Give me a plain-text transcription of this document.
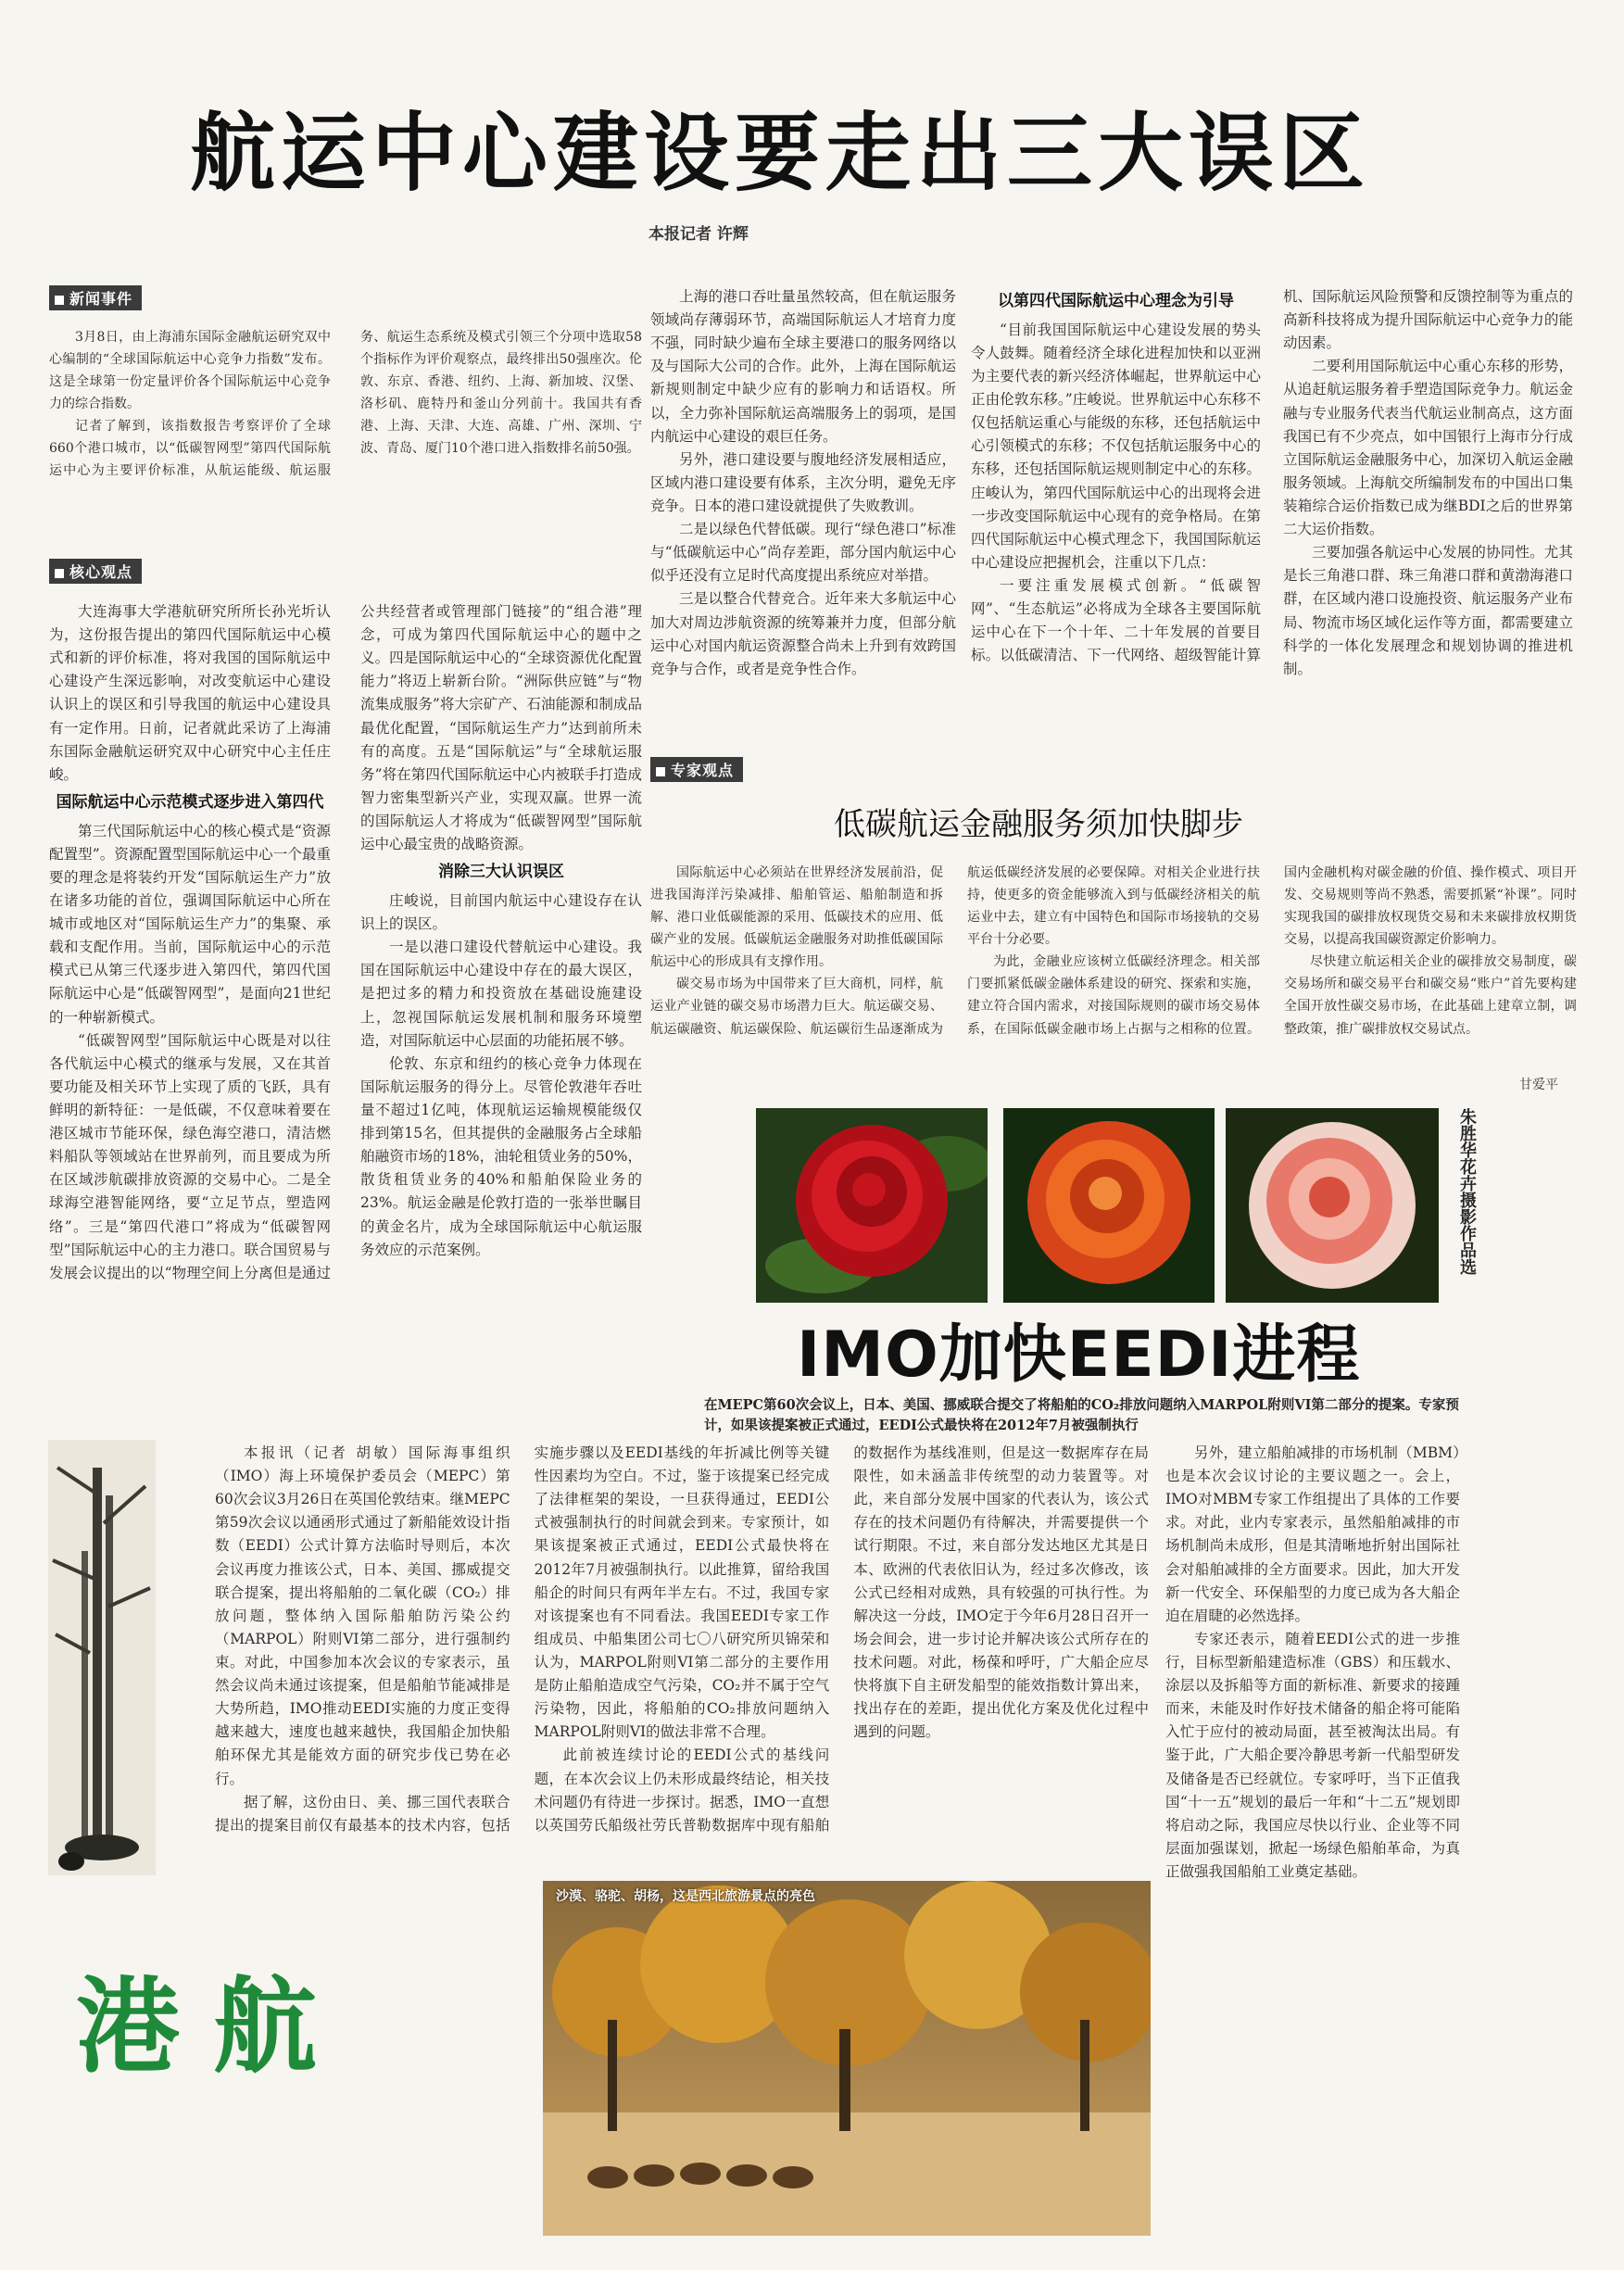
航运中心建设要走出三大误区
本报记者 许辉
新闻事件
核心观点
专家观点

3月8日，由上海浦东国际金融航运研究双中心编制的“全球国际航运中心竞争力指数”发布。这是全球第一份定量评价各个国际航运中心竞争力的综合指数。

记者了解到，该指数报告考察评价了全球660个港口城市，以“低碳智网型”第四代国际航运中心为主要评价标准，从航运能级、航运服务、航运生态系统及模式引领三个分项中选取58个指标作为评价观察点，最终排出50强座次。伦敦、东京、香港、纽约、上海、新加坡、汉堡、洛杉矶、鹿特丹和釜山分列前十。我国共有香港、上海、天津、大连、高雄、广州、深圳、宁波、青岛、厦门10个港口进入指数排名前50强。

大连海事大学港航研究所所长孙光圻认为，这份报告提出的第四代国际航运中心模式和新的评价标准，将对我国的国际航运中心建设产生深远影响，对改变航运中心建设认识上的误区和引导我国的航运中心建设具有一定作用。日前，记者就此采访了上海浦东国际金融航运研究双中心研究中心主任庄峻。

国际航运中心示范模式逐步进入第四代

第三代国际航运中心的核心模式是“资源配置型”。资源配置型国际航运中心一个最重要的理念是将装约开发“国际航运生产力”放在诸多功能的首位，强调国际航运中心所在城市或地区对“国际航运生产力”的集聚、承载和支配作用。当前，国际航运中心的示范模式已从第三代逐步进入第四代，第四代国际航运中心是“低碳智网型”，是面向21世纪的一种崭新模式。

“低碳智网型”国际航运中心既是对以往各代航运中心模式的继承与发展，又在其首要功能及相关环节上实现了质的飞跃，具有鲜明的新特征：一是低碳，不仅意味着要在港区城市节能环保，绿色海空港口，清洁燃料船队等领域站在世界前列，而且要成为所在区域涉航碳排放资源的交易中心。二是全球海空港智能网络，要“立足节点，塑造网络”。三是“第四代港口”将成为“低碳智网型”国际航运中心的主力港口。联合国贸易与发展会议提出的以“物理空间上分离但是通过公共经营者或管理部门链接”的“组合港”理念，可成为第四代国际航运中心的题中之义。四是国际航运中心的“全球资源优化配置能力”将迈上崭新台阶。“洲际供应链”与“物流集成服务”将大宗矿产、石油能源和制成品最优化配置，“国际航运生产力”达到前所未有的高度。五是“国际航运”与“全球航运服务”将在第四代国际航运中心内被联手打造成智力密集型新兴产业，实现双赢。世界一流的国际航运人才将成为“低碳智网型”国际航运中心最宝贵的战略资源。

消除三大认识误区

庄峻说，目前国内航运中心建设存在认识上的误区。

一是以港口建设代替航运中心建设。我国在国际航运中心建设中存在的最大误区，是把过多的精力和投资放在基础设施建设上，忽视国际航运发展机制和服务环境塑造，对国际航运中心层面的功能拓展不够。

伦敦、东京和纽约的核心竞争力体现在国际航运服务的得分上。尽管伦敦港年吞吐量不超过1亿吨，体现航运运输规模能级仅排到第15名，但其提供的金融服务占全球船舶融资市场的18%，油轮租赁业务的50%，散货租赁业务的40%和船舶保险业务的23%。航运金融是伦敦打造的一张举世瞩目的黄金名片，成为全球国际航运中心航运服务效应的示范案例。

上海的港口吞吐量虽然较高，但在航运服务领域尚存薄弱环节，高端国际航运人才培育力度不强，同时缺少遍布全球主要港口的服务网络以及与国际大公司的合作。此外，上海在国际航运新规则制定中缺少应有的影响力和话语权。所以，全力弥补国际航运高端服务上的弱项，是国内航运中心建设的艰巨任务。

另外，港口建设要与腹地经济发展相适应，区域内港口建设要有体系，主次分明，避免无序竞争。日本的港口建设就提供了失败教训。

二是以绿色代替低碳。现行“绿色港口”标准与“低碳航运中心”尚存差距，部分国内航运中心似乎还没有立足时代高度提出系统应对举措。

三是以整合代替竞合。近年来大多航运中心加大对周边涉航资源的统筹兼并力度，但部分航运中心对国内航运资源整合尚未上升到有效跨国竞争与合作，或者是竞争性合作。

以第四代国际航运中心理念为引导

“目前我国国际航运中心建设发展的势头令人鼓舞。随着经济全球化进程加快和以亚洲为主要代表的新兴经济体崛起，世界航运中心正由伦敦东移。”庄峻说。世界航运中心东移不仅包括航运重心与能级的东移，还包括航运中心引领模式的东移；不仅包括航运服务中心的东移，还包括国际航运规则制定中心的东移。庄峻认为，第四代国际航运中心的出现将会进一步改变国际航运中心现有的竞争格局。在第四代国际航运中心模式理念下，我国国际航运中心建设应把握机会，注重以下几点：

一要注重发展模式创新。“低碳智网”、“生态航运”必将成为全球各主要国际航运中心在下一个十年、二十年发展的首要目标。以低碳清洁、下一代网络、超级智能计算机、国际航运风险预警和反馈控制等为重点的高新科技将成为提升国际航运中心竞争力的能动因素。

二要利用国际航运中心重心东移的形势，从追赶航运服务着手塑造国际竞争力。航运金融与专业服务代表当代航运业制高点，这方面我国已有不少亮点，如中国银行上海市分行成立国际航运金融服务中心，加深切入航运金融服务领域。上海航交所编制发布的中国出口集装箱综合运价指数已成为继BDI之后的世界第二大运价指数。

三要加强各航运中心发展的协同性。尤其是长三角港口群、珠三角港口群和黄渤海港口群，在区域内港口设施投资、航运服务产业布局、物流市场区域化运作等方面，都需要建立科学的一体化发展理念和规划协调的推进机制。

低碳航运金融服务须加快脚步

国际航运中心必须站在世界经济发展前沿，促进我国海洋污染减排、船舶管运、船舶制造和拆解、港口业低碳能源的采用、低碳技术的应用、低碳产业的发展。低碳航运金融服务对助推低碳国际航运中心的形成具有支撑作用。

碳交易市场为中国带来了巨大商机，同样，航运业产业链的碳交易市场潜力巨大。航运碳交易、航运碳融资、航运碳保险、航运碳衍生品逐渐成为航运低碳经济发展的必要保障。对相关企业进行扶持，使更多的资金能够流入到与低碳经济相关的航运业中去，建立有中国特色和国际市场接轨的交易平台十分必要。

为此，金融业应该树立低碳经济理念。相关部门要抓紧低碳金融体系建设的研究、探索和实施，建立符合国内需求，对接国际规则的碳市场交易体系，在国际低碳金融市场上占据与之相称的位置。国内金融机构对碳金融的价值、操作模式、项目开发、交易规则等尚不熟悉，需要抓紧“补课”。同时实现我国的碳排放权现货交易和未来碳排放权期货交易，以提高我国碳资源定价影响力。

尽快建立航运相关企业的碳排放交易制度，碳交易场所和碳交易平台和碳交易“账户”首先要构建全国开放性碳交易市场，在此基础上建章立制，调整政策，推广碳排放权交易试点。

甘爱平
朱胜华花卉摄影作品选
IMO加快EEDI进程
在MEPC第60次会议上，日本、美国、挪威联合提交了将船舶的CO₂排放问题纳入MARPOL附则VI第二部分的提案。专家预计，如果该提案被正式通过，EEDI公式最快将在2012年7月被强制执行

本报讯（记者 胡敏）国际海事组织（IMO）海上环境保护委员会（MEPC）第60次会议3月26日在英国伦敦结束。继MEPC第59次会议以通函形式通过了新船能效设计指数（EEDI）公式计算方法临时导则后，本次会议再度力推该公式，日本、美国、挪威提交联合提案，提出将船舶的二氧化碳（CO₂）排放问题，整体纳入国际船舶防污染公约（MARPOL）附则VI第二部分，进行强制约束。对此，中国参加本次会议的专家表示，虽然会议尚未通过该提案，但是船舶节能减排是大势所趋，IMO推动EEDI实施的力度正变得越来越大，速度也越来越快，我国船企加快船舶环保尤其是能效方面的研究步伐已势在必行。

据了解，这份由日、美、挪三国代表联合提出的提案目前仅有最基本的技术内容，包括实施步骤以及EEDI基线的年折减比例等关键性因素均为空白。不过，鉴于该提案已经完成了法律框架的架设，一旦获得通过，EEDI公式被强制执行的时间就会到来。专家预计，如果该提案被正式通过，EEDI公式最快将在2012年7月被强制执行。以此推算，留给我国船企的时间只有两年半左右。不过，我国专家对该提案也有不同看法。我国EEDI专家工作组成员、中船集团公司七〇八研究所贝锦荣和认为，MARPOL附则VI第二部分的主要作用是防止船舶造成空气污染，CO₂并不属于空气污染物，因此，将船舶的CO₂排放问题纳入MARPOL附则VI的做法非常不合理。

此前被连续讨论的EEDI公式的基线问题，在本次会议上仍未形成最终结论，相关技术问题仍有待进一步探讨。据悉，IMO一直想以英国劳氏船级社劳氏普勒数据库中现有船舶的数据作为基线准则，但是这一数据库存在局限性，如未涵盖非传统型的动力装置等。对此，来自部分发展中国家的代表认为，该公式存在的技术问题仍有待解决，并需要提供一个试行期限。不过，来自部分发达地区尤其是日本、欧洲的代表依旧认为，经过多次修改，该公式已经相对成熟，具有较强的可执行性。为解决这一分歧，IMO定于今年6月28日召开一场会间会，进一步讨论并解决该公式所存在的技术问题。对此，杨葆和呼吁，广大船企应尽快将旗下自主研发船型的能效指数计算出来，找出存在的差距，提出优化方案及优化过程中遇到的问题。

另外，建立船舶减排的市场机制（MBM）也是本次会议讨论的主要议题之一。会上，IMO对MBM专家工作组提出了具体的工作要求。对此，业内专家表示，虽然船舶减排的市场机制尚未成形，但是其清晰地折射出国际社会对船舶减排的全方面要求。因此，加大开发新一代安全、环保船型的力度已成为各大船企迫在眉睫的必然选择。

专家还表示，随着EEDI公式的进一步推行，目标型新船建造标准（GBS）和压载水、涂层以及拆船等方面的新标准、新要求的接踵而来，未能及时作好技术储备的船企将可能陷入忙于应付的被动局面，甚至被淘汰出局。有鉴于此，广大船企要冷静思考新一代船型研发及储备是否已经就位。专家呼吁，当下正值我国“十一五”规划的最后一年和“十二五”规划即将启动之际，我国应尽快以行业、企业等不同层面加强谋划，掀起一场绿色船舶革命，为真正做强我国船舶工业奠定基础。

沙漠、骆驼、胡杨，这是西北旅游景点的亮色
港航
